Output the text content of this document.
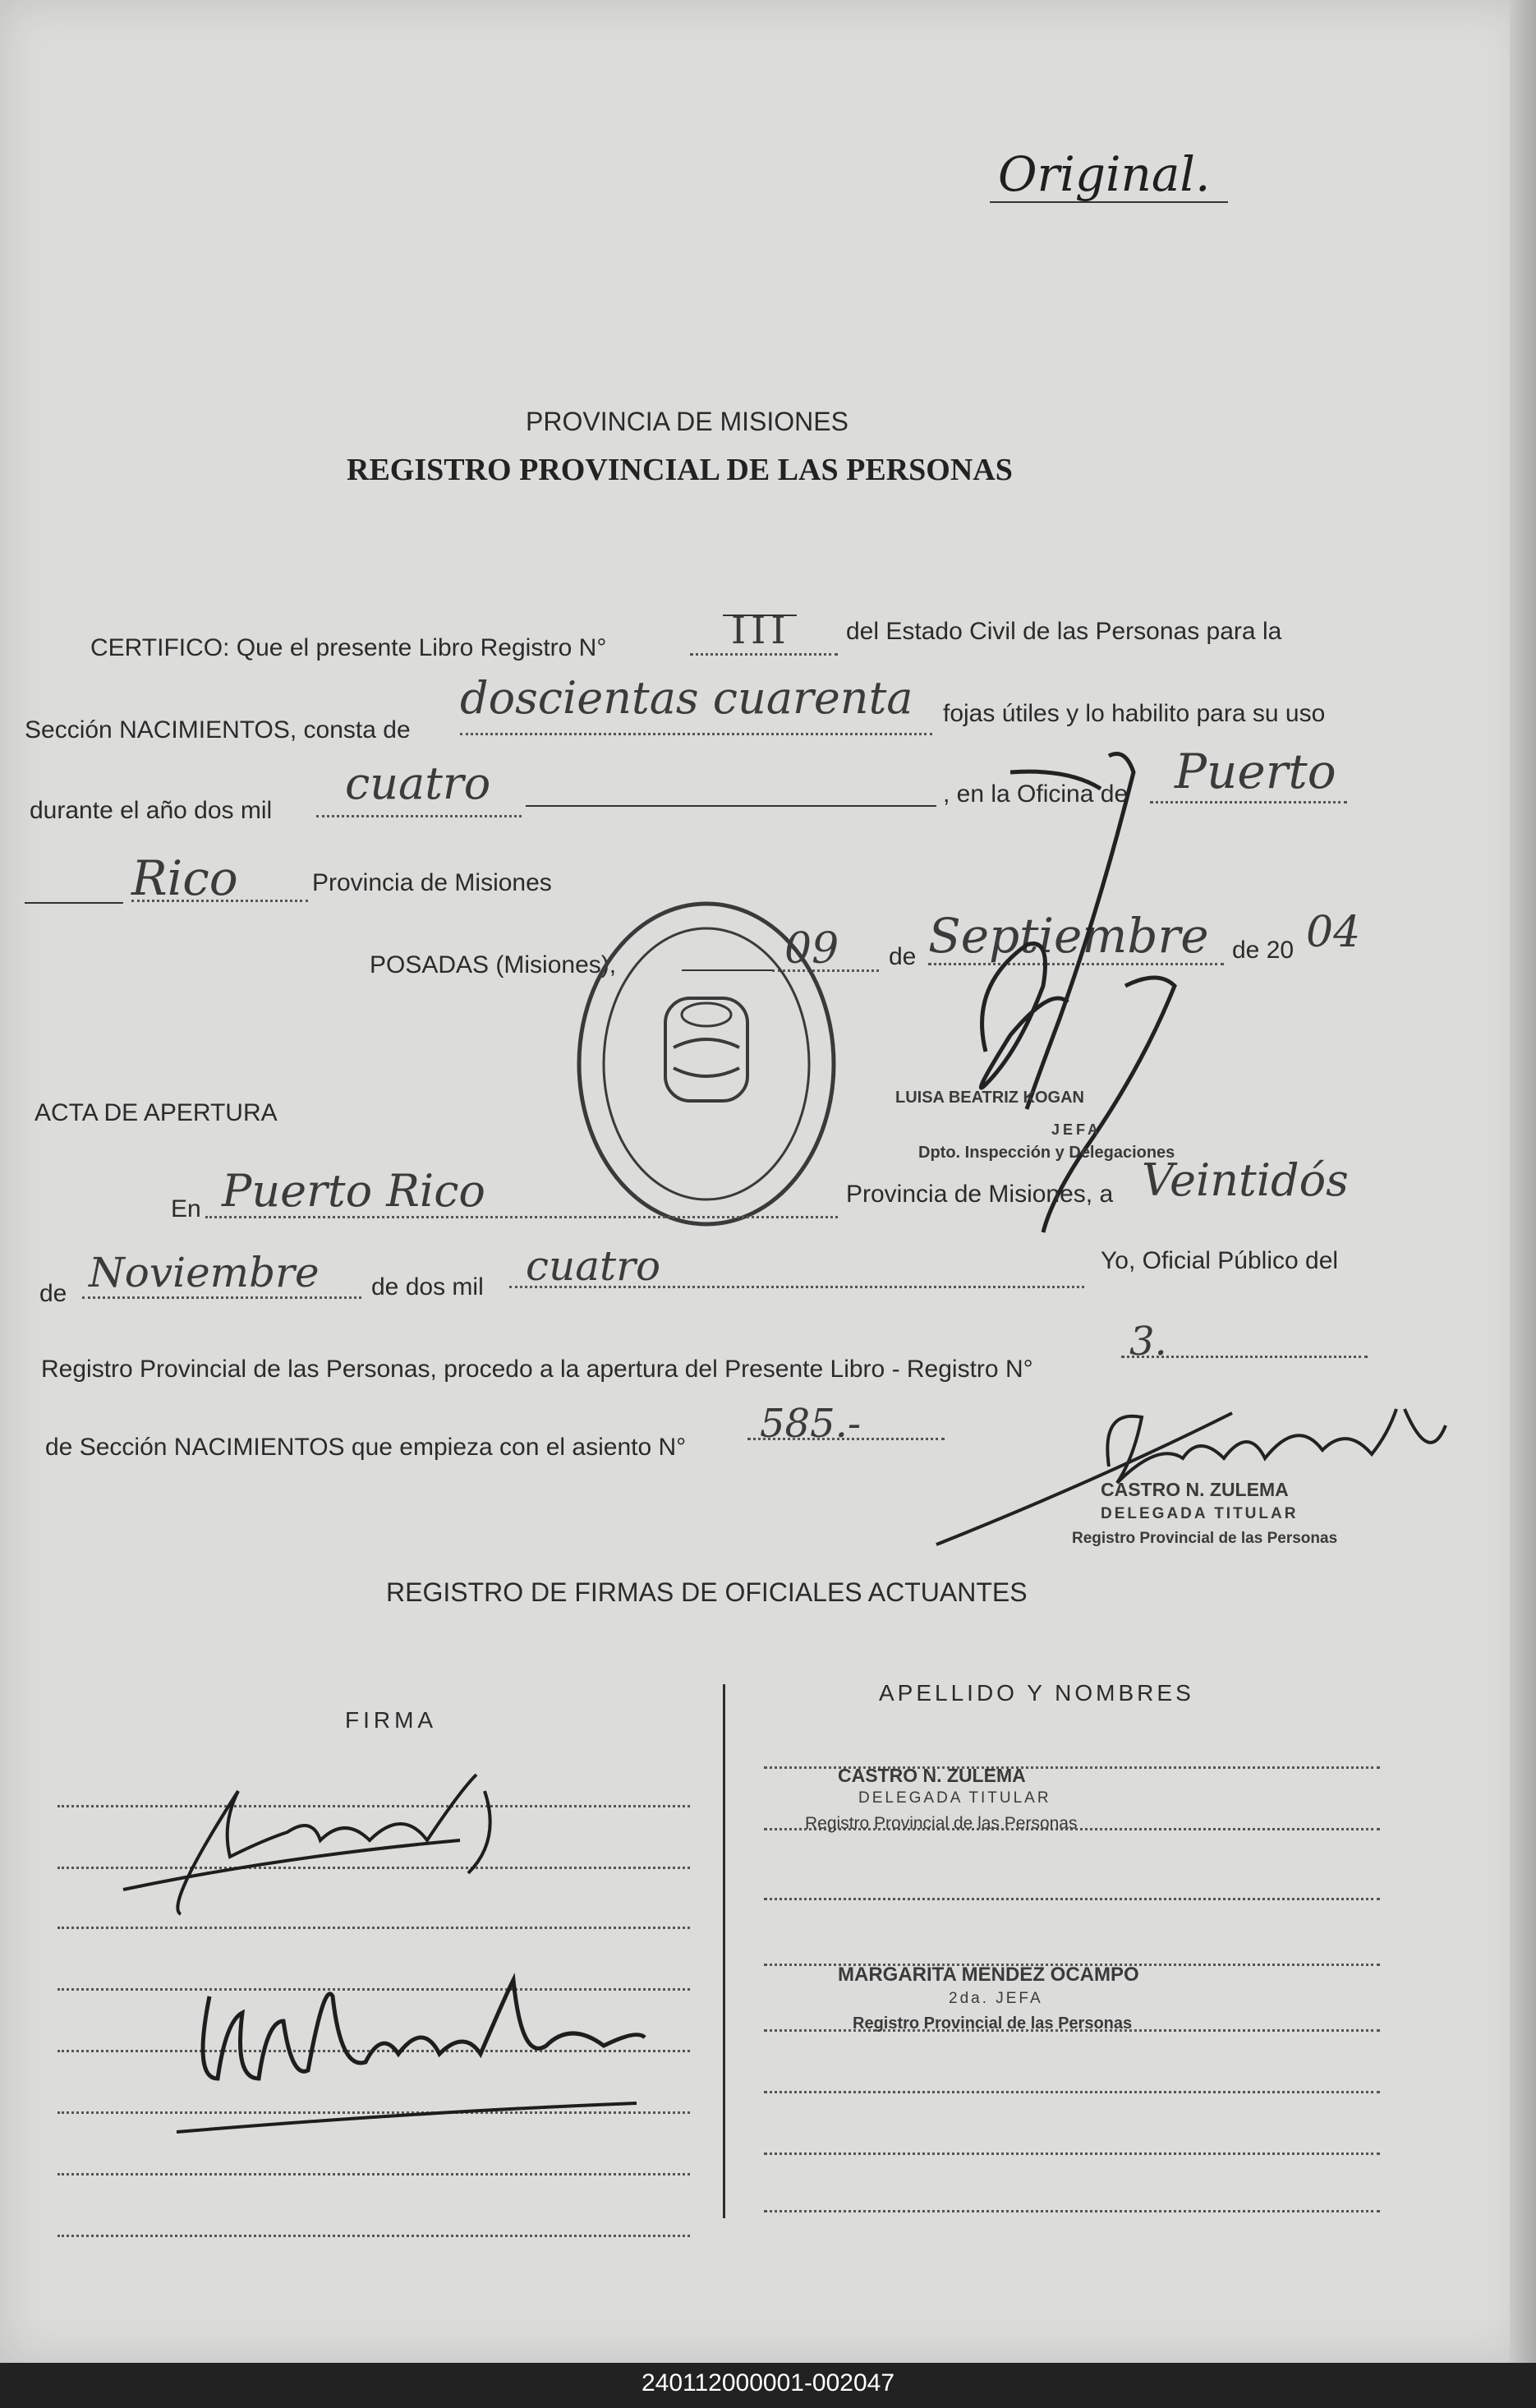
Original.
PROVINCIA DE MISIONES
REGISTRO PROVINCIAL DE LAS PERSONAS
CERTIFICO: Que el presente Libro Registro N°	III del Estado Civil de las Personas para la
Sección NACIMIENTOS, consta de
doscientas cuarenta fojas útiles y lo habilito para su uso
durante el año dos mil
cuatro	, en la Oficina de Puerto
Rico	Provincia de Misiones
POSADAS (Misiones),	09 de Septiembre de 20 04
LUISA BEATRIZ KOGAN
JEFA
Dpto. Inspección y Delegaciones
ACTA DE APERTURA
En Puerto Rico	Provincia de Misiones, a Veintidós
de Noviembre de dos mil cuatro	Yo, Oficial Público del
Registro Provincial de las Personas, procedo a la apertura del Presente Libro - Registro N°
3.
de Sección NACIMIENTOS que empieza con el asiento N°
585.-
CASTRO N. ZULEMA
DELEGADA TITULAR
Registro Provincial de las Personas
REGISTRO DE FIRMAS DE OFICIALES ACTUANTES
FIRMA
APELLIDO Y NOMBRES
CASTRO N. ZULEMA
DELEGADA TITULAR
Registro Provincial de las Personas
MARGARITA MENDEZ OCAMPO
2da. JEFA
Registro Provincial de las Personas
240112000001-002047
